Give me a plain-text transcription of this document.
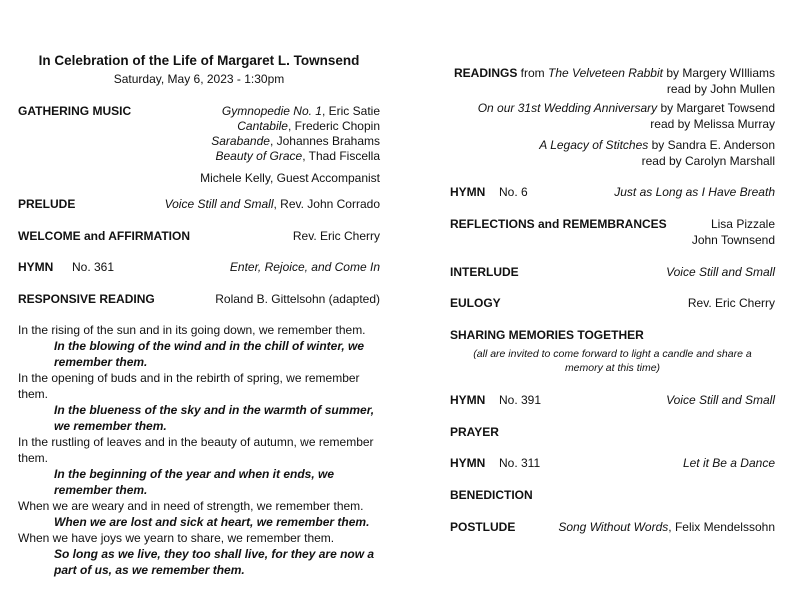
In Celebration of the Life of Margaret L. Townsend
Saturday, May 6, 2023 - 1:30pm
GATHERING MUSIC	Gymnopedie No. 1, Eric Satie
Cantabile, Frederic Chopin
Sarabande, Johannes Brahams
Beauty of Grace, Thad Fiscella
Michele Kelly, Guest Accompanist
PRELUDE	Voice Still and Small, Rev. John Corrado
WELCOME and AFFIRMATION	Rev. Eric Cherry
HYMN No. 361	Enter, Rejoice, and Come In
RESPONSIVE READING	Roland B. Gittelsohn (adapted)
In the rising of the sun and in its going down, we remember them.
In the blowing of the wind and in the chill of winter, we
remember them.
In the opening of buds and in the rebirth of spring, we remember
them.
In the blueness of the sky and in the warmth of summer,
we remember them.
In the rustling of leaves and in the beauty of autumn, we remember
them.
In the beginning of the year and when it ends, we
remember them.
When we are weary and in need of strength, we remember them.
When we are lost and sick at heart, we remember them.
When we have joys we yearn to share, we remember them.
So long as we live, they too shall live, for they are now a
part of us, as we remember them.
READINGS from The Velveteen Rabbit by Margery WIlliams
read by John Mullen
On our 31st Wedding Anniversary by Margaret Towsend
read by Melissa Murray
A Legacy of Stitches by Sandra E. Anderson
read by Carolyn Marshall
HYMN No. 6	Just as Long as I Have Breath
REFLECTIONS and REMEMBRANCES	Lisa Pizzale
John Townsend
INTERLUDE	Voice Still and Small
EULOGY	Rev. Eric Cherry
SHARING MEMORIES TOGETHER
(all are invited to come forward to light a candle and share a
memory at this time)
HYMN No. 391	Voice Still and Small
PRAYER
HYMN No. 311	Let it Be a Dance
BENEDICTION
POSTLUDE	Song Without Words, Felix Mendelssohn
